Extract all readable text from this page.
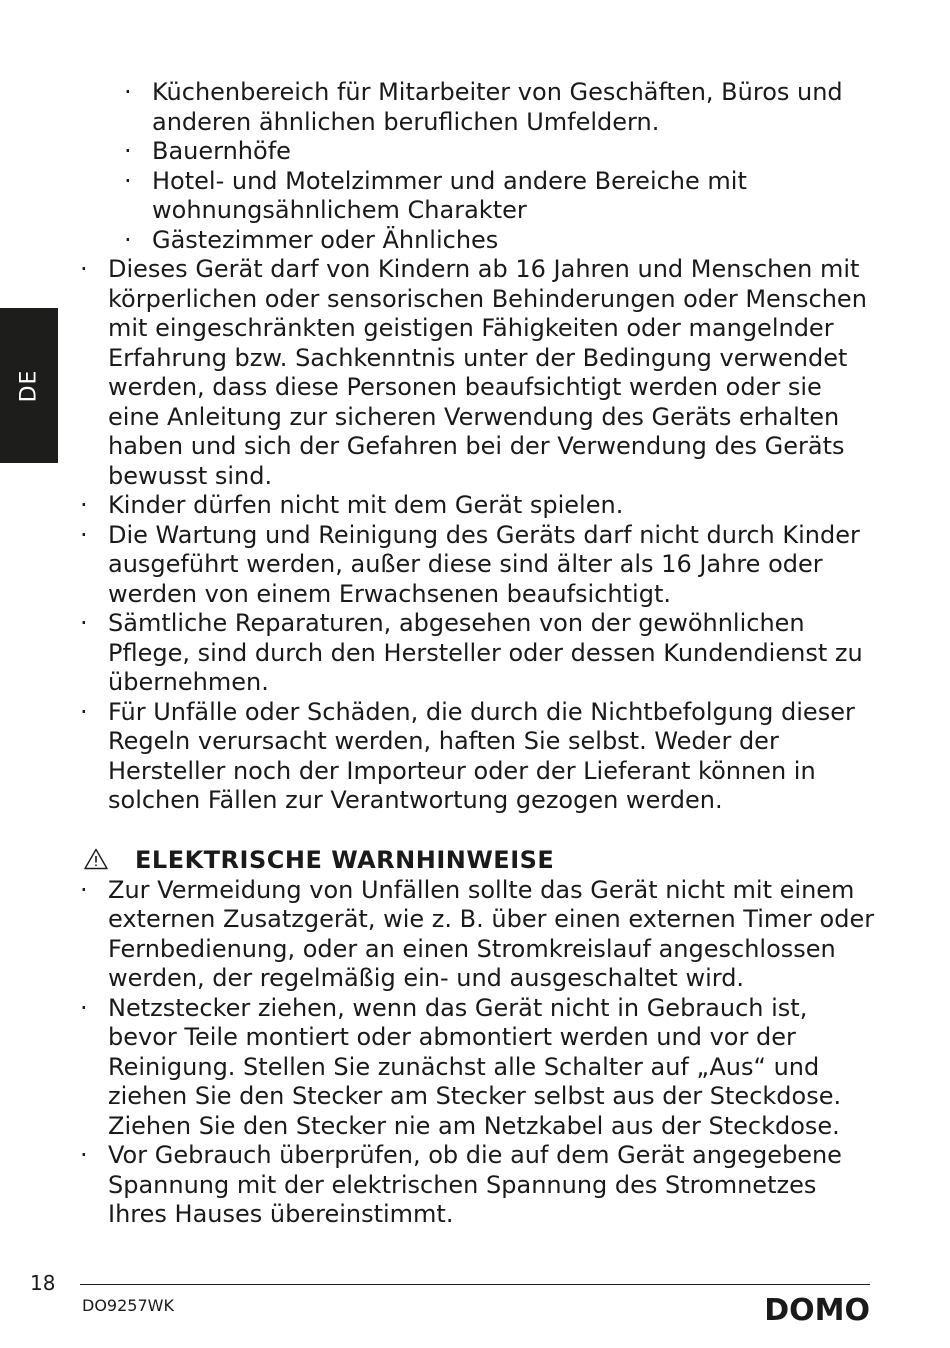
DE
· Küchenbereich für Mitarbeiter von Geschäften, Büros und anderen ähnlichen beruflichen Umfeldern.
· Bauernhöfe
· Hotel- und Motelzimmer und andere Bereiche mit wohnungsähnlichem Charakter
· Gästezimmer oder Ähnliches
· Dieses Gerät darf von Kindern ab 16 Jahren und Menschen mit körperlichen oder sensorischen Behinderungen oder Menschen mit eingeschränkten geistigen Fähigkeiten oder mangelnder Erfahrung bzw. Sachkenntnis unter der Bedingung verwendet werden, dass diese Personen beaufsichtigt werden oder sie eine Anleitung zur sicheren Verwendung des Geräts erhalten haben und sich der Gefahren bei der Verwendung des Geräts bewusst sind.
· Kinder dürfen nicht mit dem Gerät spielen.
· Die Wartung und Reinigung des Geräts darf nicht durch Kinder ausgeführt werden, außer diese sind älter als 16 Jahre oder werden von einem Erwachsenen beaufsichtigt.
· Sämtliche Reparaturen, abgesehen von der gewöhnlichen Pflege, sind durch den Hersteller oder dessen Kundendienst zu übernehmen.
· Für Unfälle oder Schäden, die durch die Nichtbefolgung dieser Regeln verursacht werden, haften Sie selbst. Weder der Hersteller noch der Importeur oder der Lieferant können in solchen Fällen zur Verantwortung gezogen werden.
ELEKTRISCHE WARNHINWEISE
· Zur Vermeidung von Unfällen sollte das Gerät nicht mit einem externen Zusatzgerät, wie z. B. über einen externen Timer oder Fernbedienung, oder an einen Stromkreislauf angeschlossen werden, der regelmäßig ein- und ausgeschaltet wird.
· Netzstecker ziehen, wenn das Gerät nicht in Gebrauch ist, bevor Teile montiert oder abmontiert werden und vor der Reinigung. Stellen Sie zunächst alle Schalter auf „Aus“ und ziehen Sie den Stecker am Stecker selbst aus der Steckdose. Ziehen Sie den Stecker nie am Netzkabel aus der Steckdose.
· Vor Gebrauch überprüfen, ob die auf dem Gerät angegebene Spannung mit der elektrischen Spannung des Stromnetzes Ihres Hauses übereinstimmt.
18
DO9257WK	DOMO
